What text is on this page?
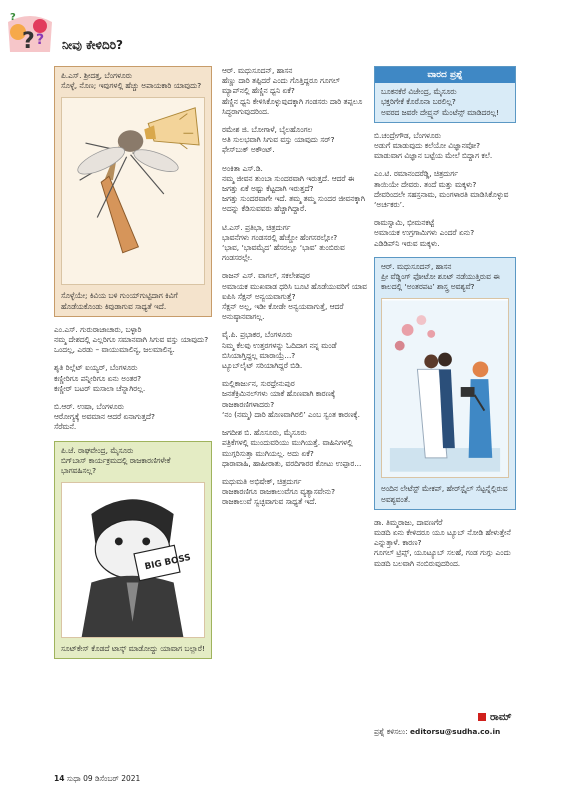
? ?
?
ನೀವು ಕೇಳಿದಿರಿ?
ಪಿ.ಎಸ್. ಶ್ರೀದತ್ತ, ಬೆಂಗಳೂರು
ಸೊಳ್ಳೆ, ನೊಣ; ಇವುಗಳಲ್ಲಿ ಹೆಚ್ಚು ಅಪಾಯಕಾರಿ ಯಾವುದು?
ಸೊಳ್ಳೆಯೇ; ಕಿವಿಯ ಬಳಿ ಗುಂಯ್‌ಗುಟ್ಟಿದಾಗ ಕಿವಿಗೆ ಹೊಡೆಯಕೊಂಡು ಕಿವುಡಾಗುವ ಸಾಧ್ಯತೆ ಇದೆ.
ಎಂ.ಎಸ್. ಗುರುರಾಜಾಚಾರು, ಬಳ್ಳಾರಿ
ನಮ್ಮ ದೇಶದಲ್ಲಿ ಎಲ್ಲರಿಗೂ ಸಮಾನವಾಗಿ ಸಿಗುವ ವಸ್ತು ಯಾವುದು?
ಒಂದಲ್ಲ, ಎರಡು – ವಾಯುಮಾಲಿನ್ಯ, ಜಲಮಾಲಿನ್ಯ.
ಶೃತಿ ರಿಲ್ಲೆಟ್ ಐಯ್ಯರ್, ಬೆಂಗಳೂರು
ಕಣ್ಣೀರಿಗೂ ಪನ್ನೀರಿಗೂ ಏನು ಅಂತರ?
ಕಣ್ಣೀರ್ ಬಟರ್ ಮಸಾಲಾ ಚೆನ್ನಾಗಿರಲ್ಲ.
ಬಿ.ಆರ್. ಉಷಾ, ಬೆಂಗಳೂರು
ಆರೋಗ್ಯಕ್ಕೆ ಅವಮಾನ ಆದರೆ ಏನಾಗುತ್ತದೆ?
ಸೆರೆಮನೆ.
ಪಿ.ಜೆ. ರಾಘವೇಂದ್ರ, ಮೈಸೂರು
ಬಿಗ್‌ಬಾಸ್ ಕಾರ್ಯಕ್ರಮದಲ್ಲಿ ರಾಜಕಾರಣಿಗಳೇಕೆ ಭಾಗವಹಿಸಲ್ಲ?
BIG BOSS
ಸೂಟ್‌ಕೇಸ್ ಕೊಡದೆ ಟಾಸ್ಕ್ ಮಾಡೋದ್ದು ಯಾವಾಗ ಬಲ್ಲಾರೆ!
ಆರ್. ಮಧುಸೂದನ್, ಹಾಸನ
ಹೆಣ್ಣು ದಾರಿ ತಪ್ಪಿದರೆ ಎಂದು ಗೊತ್ತಿದ್ದರೂ ಗೂಗಲ್ ಮ್ಯಾಪ್‌ನಲ್ಲಿ ಹೆಣ್ಣಿನ ಧ್ವನಿ ಏಕೆ?
ಹೆಣ್ಣಿನ ಧ್ವನಿ ಕೇಳಿಸಿಕೊಳ್ಳುವುದಕ್ಕಾಗಿ ಗಂಡಸರು ದಾರಿ ತಪ್ಪಲೂ ಸಿದ್ಧರಾಗುವುದರಿಂದ.
ರಮೇಶ ಜಿ. ಬೋಗಾಳೆ, ಬೈಲಹೊಂಗಲ
ಅತಿ ಸುಲಭವಾಗಿ ಸಿಗುವ ವಸ್ತು ಯಾವುದು ಸರ್?
ಫೇಸ್‌ಬುಕ್ ಅಕೌಂಟ್.
ಅಂಕಿತಾ ಎಸ್.ಡಿ.
ನಮ್ಮ ಜೀವನ ತುಂಬಾ ಸುಂದರವಾಗಿ ಇರುತ್ತದೆ. ಆದರೆ ಈ ಜಗತ್ತು ಏಕೆ ಅಷ್ಟು ಕೆಟ್ಟದಾಗಿ ಇರುತ್ತದೆ?
ಜಗತ್ತು ಸುಂದರವಾಗೇ ಇದೆ. ತಮ್ಮ ತಮ್ಮ ಸುಂದರ ಜೀವನಕ್ಕಾಗಿ ಅದನ್ನು ಕೆಡಿಸುವವರು ಹೆಚ್ಚಾಗಿದ್ದಾರೆ.
ಟಿ.ಎಸ್. ಪ್ರತಿಭಾ, ಚಿತ್ರದುರ್ಗ
ಭಾವನೆಗಳು ಗಂಡಸರಲ್ಲಿ ಹೆಚ್ಚೋ ಹೆಂಗಸರಲ್ಲೋ?
‘ಭಾವ, ‘ಭಾವಮೈದ’ ಹೆಸರಲ್ಲೂ ‘ಭಾವ’ ತುಂಬಿರುವ ಗಂಡಸರಲ್ಲೇ.
ರಾಜನ್ ಎಸ್. ವಾಗಲ್, ಸಕಲೇಶಪುರ
ಅಮಾಯಕ ಮುಖವಾಡ ಧರಿಸಿ ಬೂಟಿ ಹೊಡೆಯುವರಿಗೆ ಯಾವ ಐಪಿಸಿ ಸೆಕ್ಷನ್ ಅನ್ವಯವಾಗುತ್ತೆ?
ಸೆಕ್ಷನ್ ಅಲ್ಲ, ಇಡೀ ಕೋಡೇ ಅನ್ವಯವಾಗುತ್ತೆ, ಆದರೆ ಅನುಷ್ಠಾನವಾಗಲ್ಲ.
ವೈ.ಪಿ. ಪ್ರಭಾಕರ, ಬೆಂಗಳೂರು
ನಿಮ್ಮ ಕೆಲವು ಉತ್ತರಗಳನ್ನು ಓದಿದಾಗ ನನ್ನ ಮಂಡೆ ಬಿಸಿಯಾಗ್ತಿದ್ದಲ್ಲ ಮಾರಾಯ್ರೆ...?
ಟ್ಯೂಬ್‌ಲೈಟ್ ಸರಿಯಾಗಿದ್ದರೆ ಬಿಡಿ.
ಮಲ್ಲಿಕಾರ್ಜುನ, ಸುರಧ್ರೇನುಪುರ
ಜನತೆಕ್ರಿಮಿನಲ್‌ಗಳು ಯಾಕೆ ಹೊಣವಾಗಿ ಕಾರಣಕ್ಕೆ ರಾಜಕಾರಣಿಗಳಾದರು?
‘ನಂ (ನಮ್ಮ) ದಾರಿ ಹೊಣವಾಗಿರಲಿ’ ಎಂಬ ಸ್ವಂತ ಕಾರಣಕ್ಕೆ.
ಜಗದೀಶ ಬಿ. ಹೊಸೂರು, ಮೈಸೂರು
ಪತ್ರಿಕೆಗಳಲ್ಲಿ ಮುಂದುವರಿಯು ಮುಗಿಯತ್ತೆ. ವಾಹಿನಿಗಳಲ್ಲಿ ಮುಗ್ಗರಿಸುತ್ತಾ ಮುಗಿಯಲ್ಲ. ಅದು ಏಕೆ?
ಧಾರಾವಾಹಿ, ಹಾಹೀರಾತು, ವರದಿಗಾರರ ಕೋಟು ಉಪ್ಪಾರ...
ಮಧುಮತಿ ಅಭಿಷೇಕ್, ಚಿತ್ರದುರ್ಗ
ರಾಜಕಾರಣಿಗೂ ರಾಜಕಾಲುವೆಗೂ ವ್ಯತ್ಯಾಸವೇನು?
ರಾಜಕಾಲುವೆ ಸ್ವಚ್ಛವಾಗುವ ಸಾಧ್ಯತೆ ಇದೆ.
ವಾರದ ಪ್ರಶ್ನೆ
ಬೂಕನಕೆರೆ ವಿಜೇಂದ್ರ, ಮೈಸೂರು
ಭಕ್ತರಿಗೇಕೆ ಕೊರೊನಾ ಬರಲಿಲ್ಲ?
ಅವರದ ಜವರೇ ದೇವ್ರ್ನನ್ ಮೆಂಟೆನ್ಸ್ ಮಾಡಿದರಲ್ಲ!
ಬಿ.ಚಂದ್ರೇಗೌಡ, ಬೆಂಗಳೂರು
ಅಡುಗೆ ಮಾಡುವುದು ಕಲೆಯೋ ವಿಜ್ಞಾನವೋ?
ಮಾಡುವಾಗ ವಿಜ್ಞಾನ ಬಟ್ಟೆಯ ಮೇಲೆ ಬಿದ್ದಾಗ ಕಲೆ.
ಎಂ.ಟಿ. ರಮಾನಂದರೆಡ್ಡಿ, ಚಿತ್ರದುರ್ಗ
ತಾಯಿಯೇ ದೇವರು. ತಂದೆ ಮತ್ತು ಮಕ್ಕಳು?
ದೇವರಿಂದಲೇ ಸಹಸ್ರನಾಮ, ಮಂಗಳಾರತಿ ಮಾಡಿಸಿಕೊಳ್ಳುವ ‘ಅರ್ಚಕರು’.
ರಾಮಸ್ವಾಮಿ, ಭೀಮನಕಟ್ಟೆ
ಅಮಾಯಕ ಉಗ್ರಗಾಮಿಗಳು ಎಂದರೆ ಏನು?
ಎಡಿಡಿಪ್‌ನಿ ಇರುವ ಮಕ್ಕಳು.
ಆರ್. ಮಧುಸೂದನ್, ಹಾಸನ
ಪ್ರೀ ವೆಡ್ಡಿಂಗ್ ಫೋಟೋ ಶೂಟ್ ನಡೆಯುತ್ತಿರುವ ಈ ಕಾಲದಲ್ಲಿ ‘ಅಂತರಪಟ’ ಶಾಸ್ತ್ರ ಅವಶ್ಯವೆ?
ಅಂದಿನ ಲೇಟೆಸ್ಟ್ ಮೇಕಪ್, ಹೇರ್‌ಸ್ಟೈಲ್ ಸೆಟ್ಟನ್ನೆಲ್ಲಿರುವ ಅವಶ್ಯವಂತೆ.
ಡಾ. ತಿಮ್ಮರಾಜು, ದಾವಣಗೆರೆ
ಮಡದಿ ಏನು ಕೇಳಿದರೂ ಯೂ ಟ್ಯೂಬ್ ನೋಡಿ ಹೇಳುತ್ತೇನೆ ಎನ್ನುತ್ತಾಳೆ. ಕಾರಣ?
ಗೂಗಲ್ ಟ್ರಿಪ್ಸ್, ಯೂಟ್ಯೂಬ್ ಸಲಹೆ, ಗಂಡ ಗುಗ್ಗು ಎಂದು ಮಡದಿ ಬಲವಾಗಿ ನಂಬಿರುವುದರಿಂದ.
ರಾಮ್
ಪ್ರಶ್ನೆ ಕಳಿಸಲು: editorsu@sudha.co.in
14 ಸುಧಾ 09 ಡಿಸೆಂಬರ್ 2021
